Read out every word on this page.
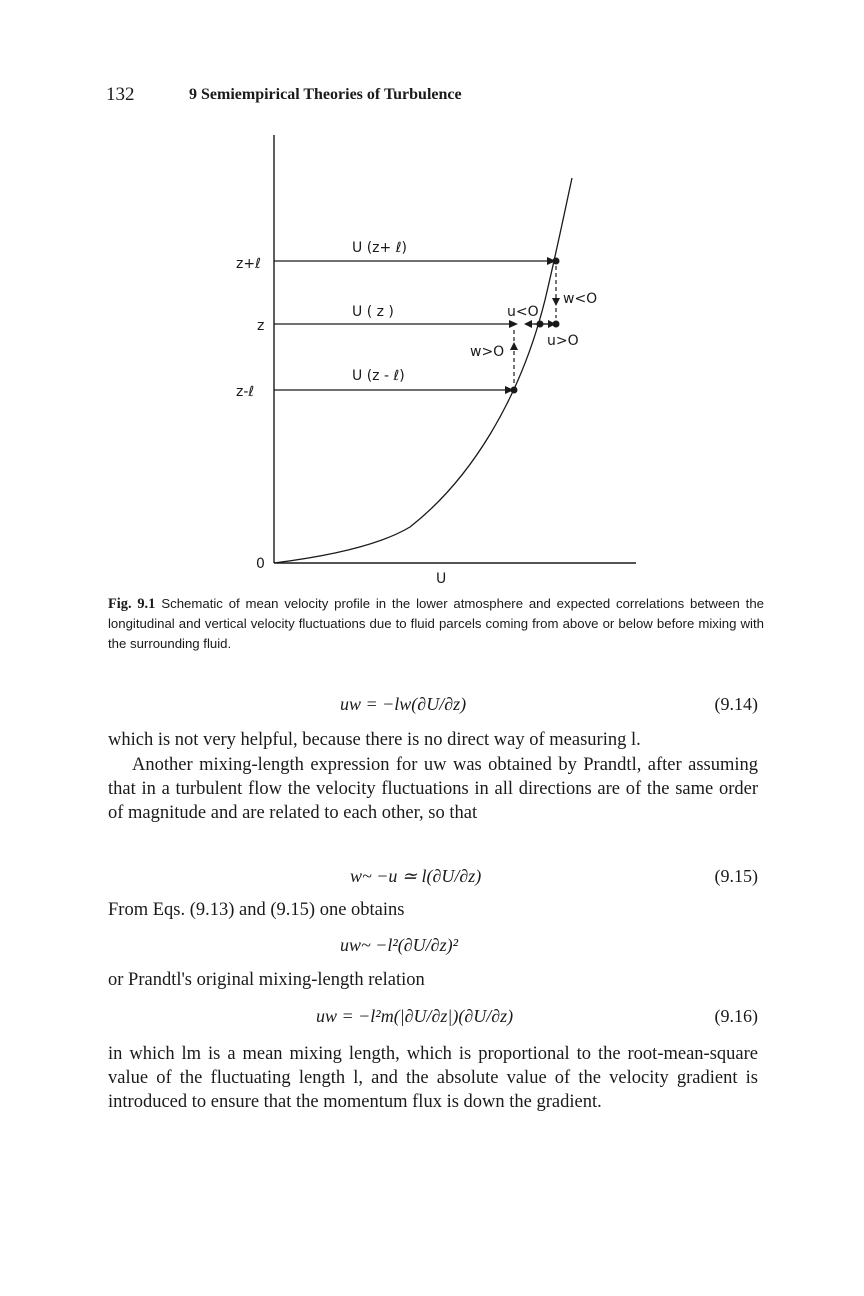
132	9 Semiempirical Theories of Turbulence
z+ℓ
z
z-ℓ
0
U
U (z+ ℓ)
U ( z )
U (z - ℓ)
w<O
u<O
w>O
u>O
Fig. 9.1 Schematic of mean velocity profile in the lower atmosphere and expected correlations between the longitudinal and vertical velocity fluctuations due to fluid parcels coming from above or below before mixing with the surrounding fluid.
uw = −lw(∂U/∂z)	(9.14)
which is not very helpful, because there is no direct way of measuring l.
Another mixing-length expression for uw was obtained by Prandtl, after assuming that in a turbulent flow the velocity fluctuations in all directions are of the same order of magnitude and are related to each other, so that
w~ −u ≃ l(∂U/∂z)	(9.15)
From Eqs. (9.13) and (9.15) one obtains
uw~ −l²(∂U/∂z)²
or Prandtl's original mixing-length relation
uw = −l²m(|∂U/∂z|)(∂U/∂z)	(9.16)
in which lm is a mean mixing length, which is proportional to the root-mean-square value of the fluctuating length l, and the absolute value of the velocity gradient is introduced to ensure that the momentum flux is down the gradient.
